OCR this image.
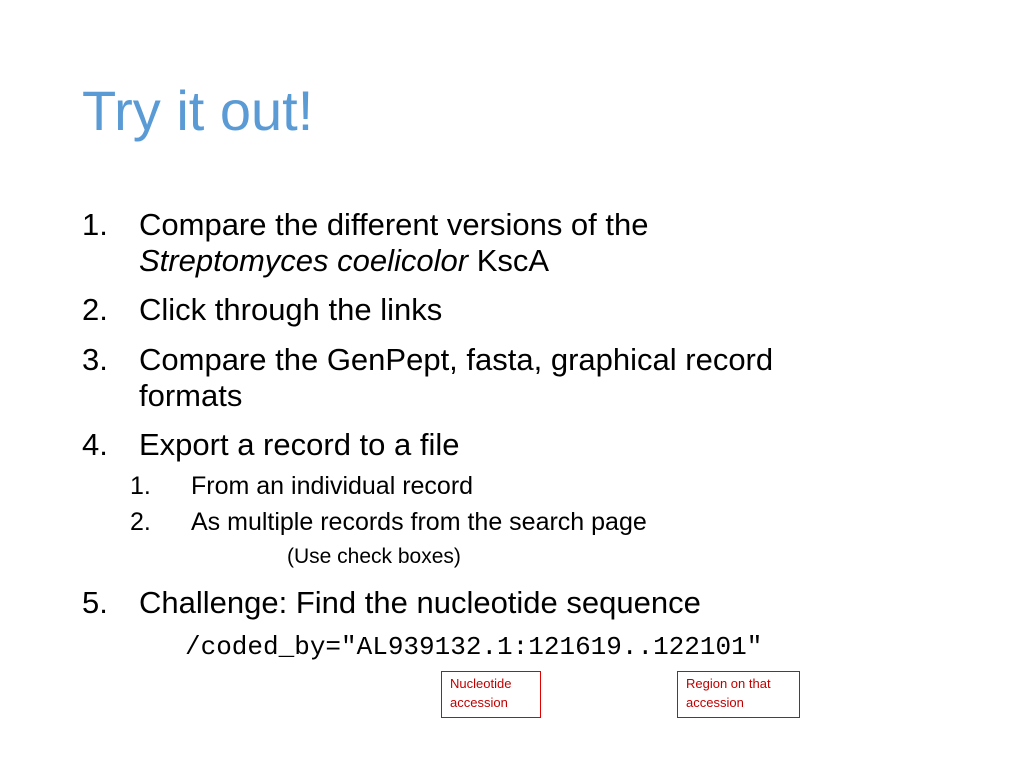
Try it out!
1. Compare the different versions of the
Streptomyces coelicolor KscA
2. Click through the links
3. Compare the GenPept, fasta, graphical record
formats
4. Export a record to a file
1. From an individual record
2. As multiple records from the search page
(Use check boxes)
5. Challenge: Find the nucleotide sequence
/coded_by="AL939132.1:121619..122101"
Nucleotide
accession
Region on that
accession
